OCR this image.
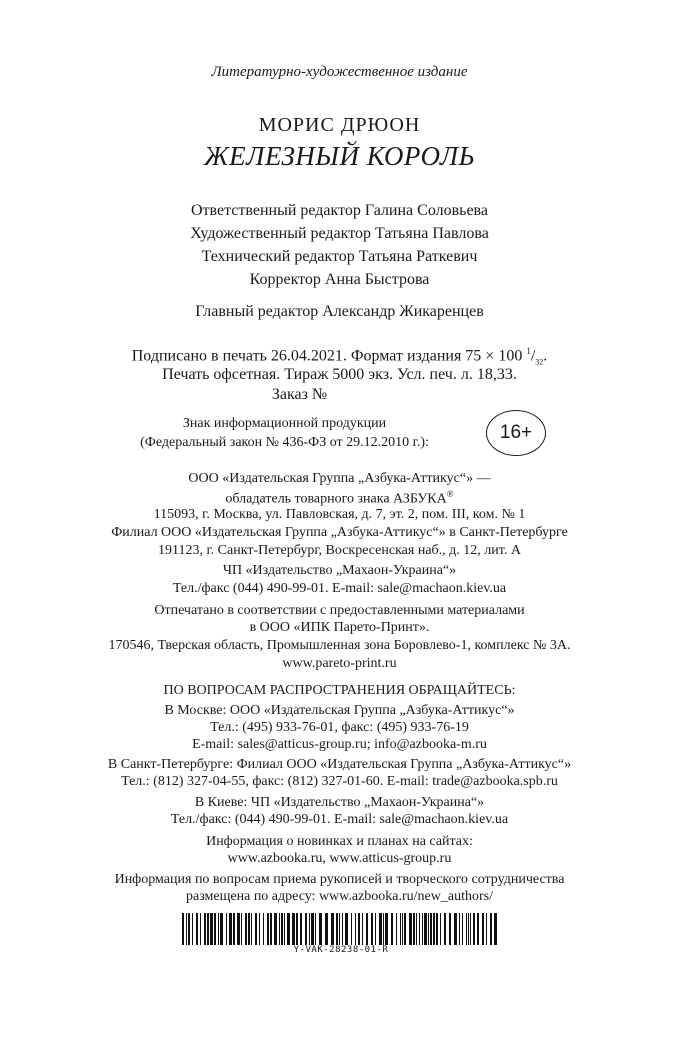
Литературно-художественное издание
МОРИС ДРЮОН
ЖЕЛЕЗНЫЙ КОРОЛЬ
Ответственный редактор Галина Соловьева
Художественный редактор Татьяна Павлова
Технический редактор Татьяна Раткевич
Корректор Анна Быстрова
Главный редактор Александр Жикаренцев
Подписано в печать 26.04.2021. Формат издания 75 × 100 $^1/_{32}$.
Печать офсетная. Тираж 5000 экз. Усл. печ. л. 18,33.
Заказ №
Знак информационной продукции
(Федеральный закон № 436-ФЗ от 29.12.2010 г.):	16+
ООО «Издательская Группа „Азбука-Аттикус“» —
обладатель товарного знака АЗБУКА®
115093, г. Москва, ул. Павловская, д. 7, эт. 2, пом. III, ком. № 1
Филиал ООО «Издательская Группа „Азбука-Аттикус“» в Санкт-Петербурге
191123, г. Санкт-Петербург, Воскресенская наб., д. 12, лит. А
ЧП «Издательство „Махаон-Украина“»
Тел./факс (044) 490-99-01. E-mail: sale@machaon.kiev.ua
Отпечатано в соответствии с предоставленными материалами
в ООО «ИПК Парето-Принт».
170546, Тверская область, Промышленная зона Боровлево-1, комплекс № 3А.
www.pareto-print.ru
ПО ВОПРОСАМ РАСПРОСТРАНЕНИЯ ОБРАЩАЙТЕСЬ:
В Москве: ООО «Издательская Группа „Азбука-Аттикус“»
Тел.: (495) 933-76-01, факс: (495) 933-76-19
E-mail: sales@atticus-group.ru; info@azbooka-m.ru
В Санкт-Петербурге: Филиал ООО «Издательская Группа „Азбука-Аттикус“»
Тел.: (812) 327-04-55, факс: (812) 327-01-60. E-mail: trade@azbooka.spb.ru
В Киеве: ЧП «Издательство „Махаон-Украина“»
Тел./факс: (044) 490-99-01. E-mail: sale@machaon.kiev.ua
Информация о новинках и планах на сайтах:
www.azbooka.ru, www.atticus-group.ru
Информация по вопросам приема рукописей и творческого сотрудничества
размещена по адресу: www.azbooka.ru/new_authors/
Y-VAK-28238-01-R
